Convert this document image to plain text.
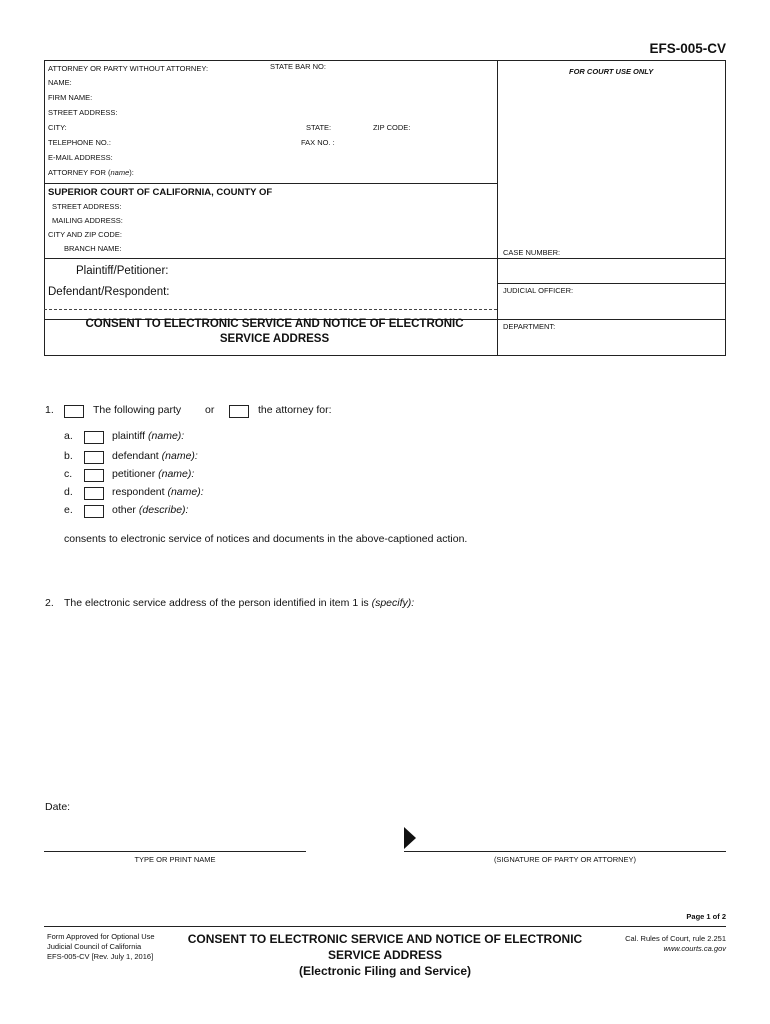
EFS-005-CV
ATTORNEY OR PARTY WITHOUT ATTORNEY:	STATE BAR NO:
FOR COURT USE ONLY
NAME:
FIRM NAME:
STREET ADDRESS:
CITY:	STATE:	ZIP CODE:
TELEPHONE NO.:	FAX NO. :
E-MAIL ADDRESS:
ATTORNEY FOR (name):
SUPERIOR COURT OF CALIFORNIA, COUNTY OF
STREET ADDRESS:
MAILING ADDRESS:
CITY AND ZIP CODE:
BRANCH NAME:	CASE NUMBER:
Plaintiff/Petitioner:
Defendant/Respondent:	JUDICIAL OFFICER:
CONSENT TO ELECTRONIC SERVICE AND NOTICE OF ELECTRONIC
SERVICE ADDRESS
DEPARTMENT:
1.	The following party or	the attorney for:
a.	plaintiff (name):
b.	defendant (name):
c.	petitioner (name):
d.	respondent (name):
e.	other (describe):
consents to electronic service of notices and documents in the above-captioned action.
2. The electronic service address of the person identified in item 1 is (specify):
Date:
TYPE OR PRINT NAME	(SIGNATURE OF PARTY OR ATTORNEY)
Page 1 of 2
Form Approved for Optional Use
Judicial Council of California
EFS-005-CV [Rev. July 1, 2016]
CONSENT TO ELECTRONIC SERVICE AND NOTICE OF ELECTRONIC
SERVICE ADDRESS
(Electronic Filing and Service)
Cal. Rules of Court, rule 2.251
www.courts.ca.gov
